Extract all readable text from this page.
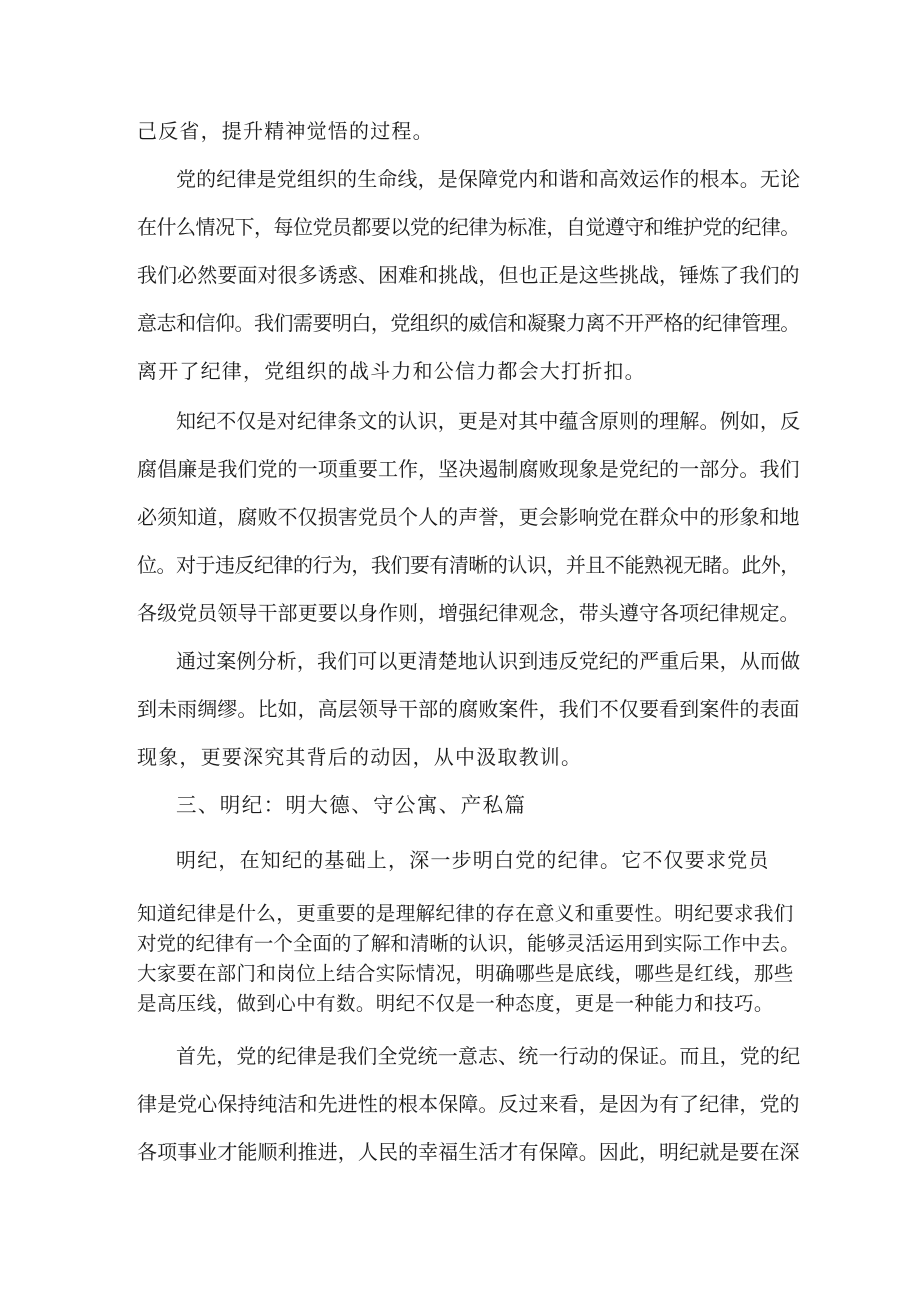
己反省，提升精神觉悟的过程。
党的纪律是党组织的生命线，是保障党内和谐和高效运作的根本。无论
在什么情况下，每位党员都要以党的纪律为标准，自觉遵守和维护党的纪律。
我们必然要面对很多诱惑、困难和挑战，但也正是这些挑战，锤炼了我们的
意志和信仰。我们需要明白，党组织的威信和凝聚力离不开严格的纪律管理。
离开了纪律，党组织的战斗力和公信力都会大打折扣。
知纪不仅是对纪律条文的认识，更是对其中蕴含原则的理解。例如，反
腐倡廉是我们党的一项重要工作，坚决遏制腐败现象是党纪的一部分。我们
必须知道，腐败不仅损害党员个人的声誉，更会影响党在群众中的形象和地
位。对于违反纪律的行为，我们要有清晰的认识，并且不能熟视无睹。此外，
各级党员领导干部更要以身作则，增强纪律观念，带头遵守各项纪律规定。
通过案例分析，我们可以更清楚地认识到违反党纪的严重后果，从而做
到未雨绸缪。比如，高层领导干部的腐败案件，我们不仅要看到案件的表面
现象，更要深究其背后的动因，从中汲取教训。
三、明纪：明大德、守公寓、产私篇
明纪，在知纪的基础上，深一步明白党的纪律。它不仅要求党员
知道纪律是什么，更重要的是理解纪律的存在意义和重要性。明纪要求我们
对党的纪律有一个全面的了解和清晰的认识，能够灵活运用到实际工作中去。
大家要在部门和岗位上结合实际情况，明确哪些是底线，哪些是红线，那些
是高压线，做到心中有数。明纪不仅是一种态度，更是一种能力和技巧。
首先，党的纪律是我们全党统一意志、统一行动的保证。而且，党的纪
律是党心保持纯洁和先进性的根本保障。反过来看，是因为有了纪律，党的
各项事业才能顺利推进，人民的幸福生活才有保障。因此，明纪就是要在深
